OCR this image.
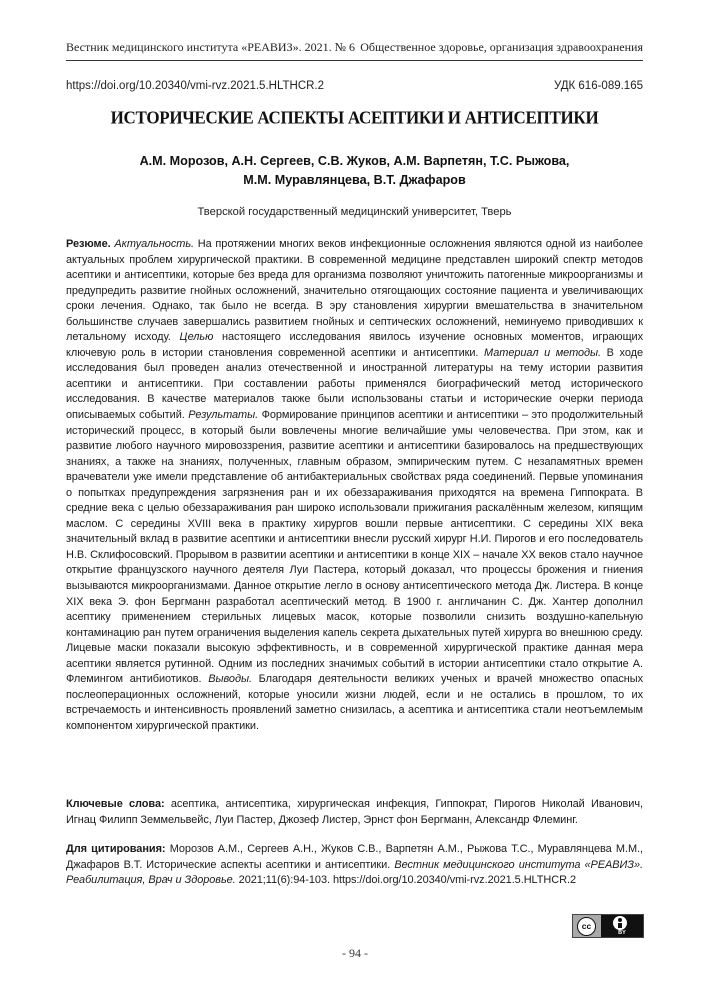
Вестник медицинского института «РЕАВИЗ». 2021. № 6 Общественное здоровье, организация здравоохранения
https://doi.org/10.20340/vmi-rvz.2021.5.HLTHCR.2	УДК 616-089.165
ИСТОРИЧЕСКИЕ АСПЕКТЫ АСЕПТИКИ И АНТИСЕПТИКИ
А.М. Морозов, А.Н. Сергеев, С.В. Жуков, А.М. Варпетян, Т.С. Рыжова,
М.М. Муравлянцева, В.Т. Джафаров
Тверской государственный медицинский университет, Тверь
Резюме. Актуальность. На протяжении многих веков инфекционные осложнения являются одной из наиболее актуальных проблем хирургической практики. В современной медицине представлен широкий спектр методов асептики и антисептики, которые без вреда для организма позволяют уничтожить патогенные микроорганизмы и предупредить развитие гнойных осложнений, значительно отягощающих состояние пациента и увеличивающих сроки лечения. Однако, так было не всегда. В эру становления хирургии вмешательства в значительном большинстве случаев завершались развитием гнойных и септических осложнений, неминуемо приводивших к летальному исходу. Целью настоящего исследования явилось изучение основных моментов, играющих ключевую роль в истории становления современной асептики и антисептики. Материал и методы. В ходе исследования был проведен анализ отечественной и иностранной литературы на тему истории развития асептики и антисептики. При составлении работы применялся биографический метод исторического исследования. В качестве материалов также были использованы статьи и исторические очерки периода описываемых событий. Результаты. Формирование принципов асептики и антисептики – это продолжительный исторический процесс, в который были вовлечены многие величайшие умы человечества. При этом, как и развитие любого научного мировоззрения, развитие асептики и антисептики базировалось на предшествующих знаниях, а также на знаниях, полученных, главным образом, эмпирическим путем. С незапамятных времен врачеватели уже имели представление об антибактериальных свойствах ряда соединений. Первые упоминания о попытках предупреждения загрязнения ран и их обеззараживания приходятся на времена Гиппократа. В средние века с целью обеззараживания ран широко использовали прижигания раскалённым железом, кипящим маслом. С середины XVIII века в практику хирургов вошли первые антисептики. С середины XIX века значительный вклад в развитие асептики и антисептики внесли русский хирург Н.И. Пирогов и его последователь Н.В. Склифосовский. Прорывом в развитии асептики и антисептики в конце XIX – начале XX веков стало научное открытие французского научного деятеля Луи Пастера, который доказал, что процессы брожения и гниения вызываются микроорганизмами. Данное открытие легло в основу антисептического метода Дж. Листера. В конце XIX века Э. фон Бергманн разработал асептический метод. В 1900 г. англичанин С. Дж. Хантер дополнил асептику применением стерильных лицевых масок, которые позволили снизить воздушно-капельную контаминацию ран путем ограничения выделения капель секрета дыхательных путей хирурга во внешнюю среду. Лицевые маски показали высокую эффективность, и в современной хирургической практике данная мера асептики является рутинной. Одним из последних значимых событий в истории антисептики стало открытие А. Флемингом антибиотиков. Выводы. Благодаря деятельности великих ученых и врачей множество опасных послеоперационных осложнений, которые уносили жизни людей, если и не остались в прошлом, то их встречаемость и интенсивность проявлений заметно снизилась, а асептика и антисептика стали неотъемлемым компонентом хирургической практики.
Ключевые слова: асептика, антисептика, хирургическая инфекция, Гиппократ, Пирогов Николай Иванович, Игнац Филипп Земмельвейс, Луи Пастер, Джозеф Листер, Эрнст фон Бергманн, Александр Флеминг.
Для цитирования: Морозов А.М., Сергеев А.Н., Жуков С.В., Варпетян А.М., Рыжова Т.С., Муравлянцева М.М., Джафаров В.Т. Исторические аспекты асептики и антисептики. Вестник медицинского института «РЕАВИЗ». Реабилитация, Врач и Здоровье. 2021;11(6):94-103. https://doi.org/10.20340/vmi-rvz.2021.5.HLTHCR.2
cc
BY
- 94 -
